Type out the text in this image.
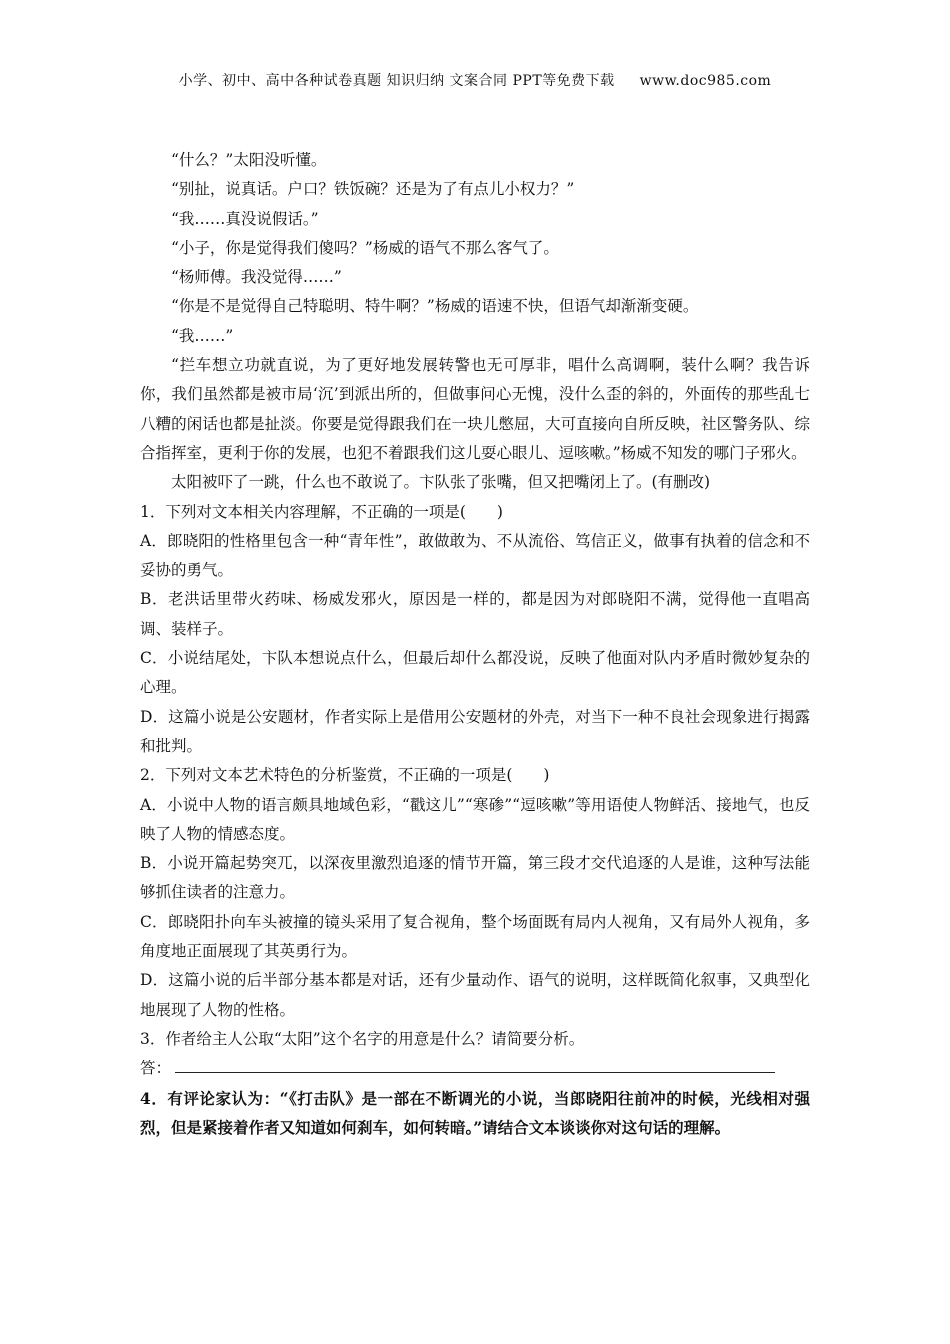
小学、初中、高中各种试卷真题 知识归纳 文案合同 PPT等免费下载 www.doc985.com

“什么？”太阳没听懂。

“别扯，说真话。户口？铁饭碗？还是为了有点儿小权力？”

“我……真没说假话。”

“小子，你是觉得我们傻吗？”杨威的语气不那么客气了。

“杨师傅。我没觉得……”

“你是不是觉得自己特聪明、特牛啊？”杨威的语速不快，但语气却渐渐变硬。

“我……”

“拦车想立功就直说，为了更好地发展转警也无可厚非，唱什么高调啊，装什么啊？我告诉你，我们虽然都是被市局‘沉’到派出所的，但做事问心无愧，没什么歪的斜的，外面传的那些乱七八糟的闲话也都是扯淡。你要是觉得跟我们在一块儿憋屈，大可直接向自所反映，社区警务队、综合指挥室，更利于你的发展，也犯不着跟我们这儿耍心眼儿、逗咳嗽。”杨威不知发的哪门子邪火。

太阳被吓了一跳，什么也不敢说了。卞队张了张嘴，但又把嘴闭上了。(有删改)

1．下列对文本相关内容理解，不正确的一项是(　　)

A．郎晓阳的性格里包含一种“青年性”，敢做敢为、不从流俗、笃信正义，做事有执着的信念和不妥协的勇气。

B．老洪话里带火药味、杨威发邪火，原因是一样的，都是因为对郎晓阳不满，觉得他一直唱高调、装样子。

C．小说结尾处，卞队本想说点什么，但最后却什么都没说，反映了他面对队内矛盾时微妙复杂的心理。

D．这篇小说是公安题材，作者实际上是借用公安题材的外壳，对当下一种不良社会现象进行揭露和批判。

2．下列对文本艺术特色的分析鉴赏，不正确的一项是(　　)

A．小说中人物的语言颇具地域色彩，“戳这儿”“寒碜”“逗咳嗽”等用语使人物鲜活、接地气，也反映了人物的情感态度。

B．小说开篇起势突兀，以深夜里激烈追逐的情节开篇，第三段才交代追逐的人是谁，这种写法能够抓住读者的注意力。

C．郎晓阳扑向车头被撞的镜头采用了复合视角，整个场面既有局内人视角，又有局外人视角，多角度地正面展现了其英勇行为。

D．这篇小说的后半部分基本都是对话，还有少量动作、语气的说明，这样既简化叙事，又典型化地展现了人物的性格。

3．作者给主人公取“太阳”这个名字的用意是什么？请简要分析。

答：

4．有评论家认为：“《打击队》是一部在不断调光的小说，当郎晓阳往前冲的时候，光线相对强烈，但是紧接着作者又知道如何刹车，如何转暗。”请结合文本谈谈你对这句话的理解。
